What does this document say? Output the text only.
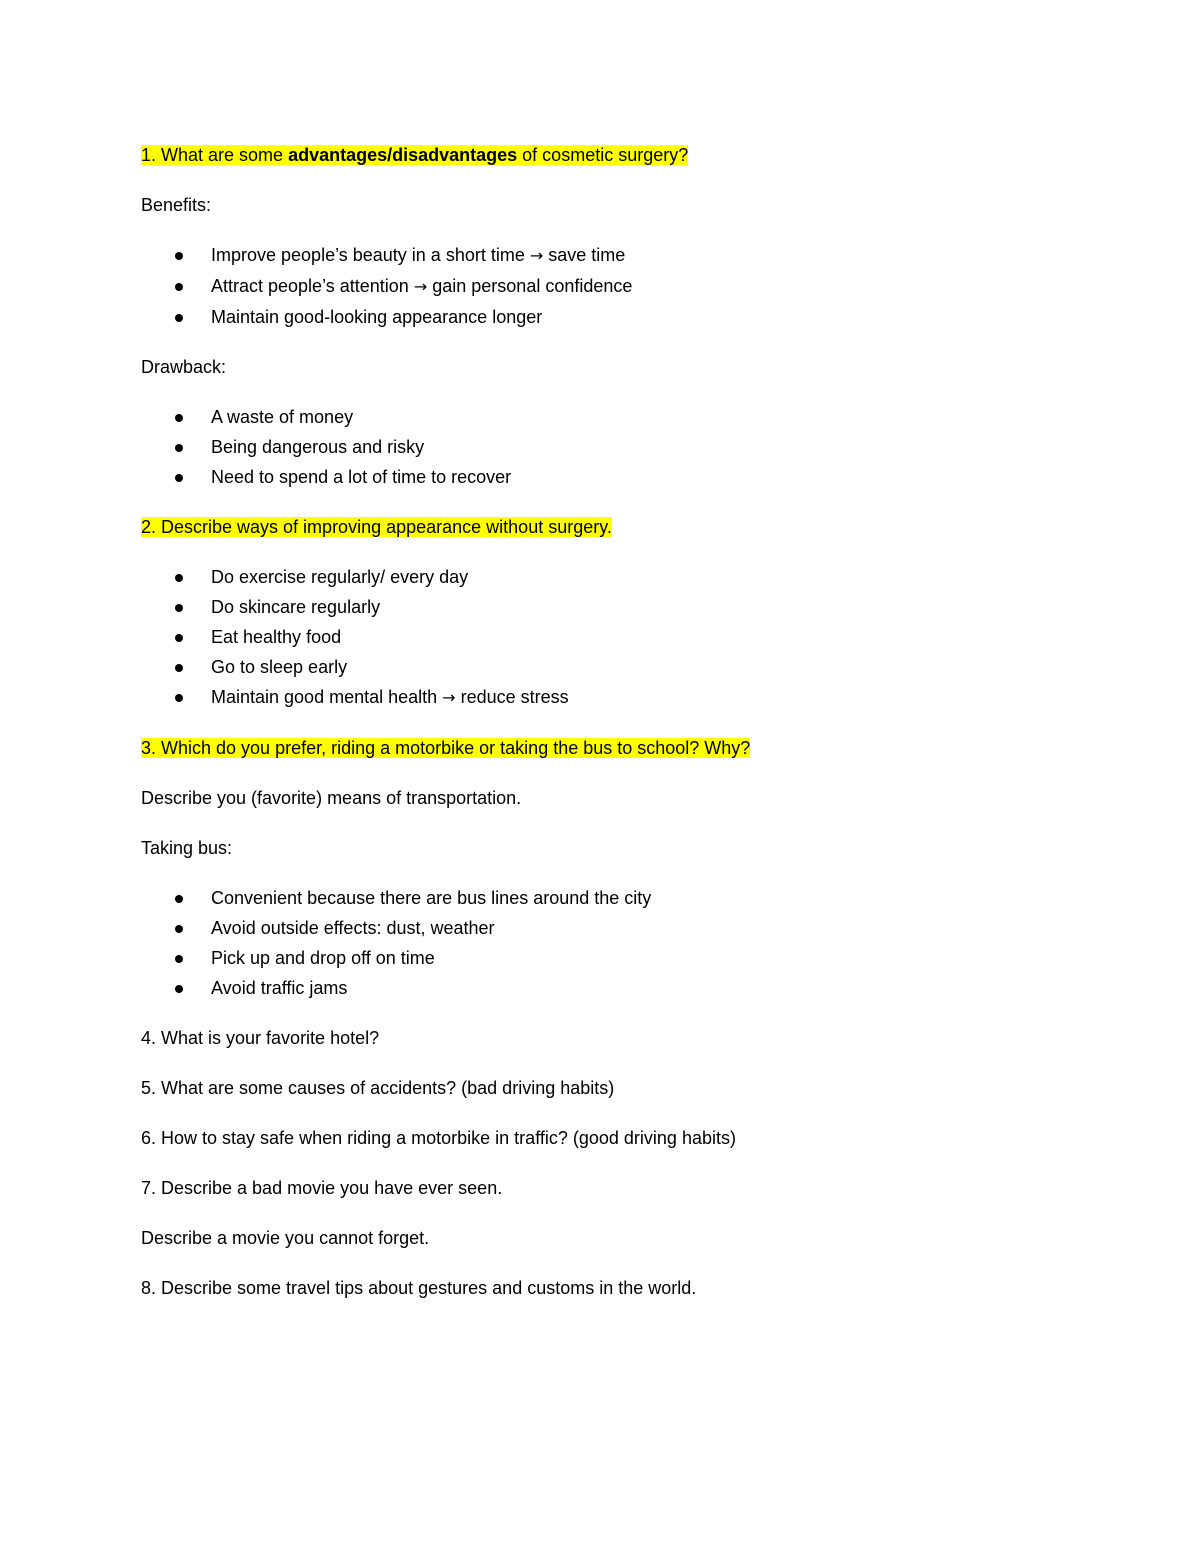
1. What are some advantages/disadvantages of cosmetic surgery?

Benefits:

Improve people’s beauty in a short time → save time
Attract people’s attention → gain personal confidence
Maintain good-looking appearance longer

Drawback:

A waste of money
Being dangerous and risky
Need to spend a lot of time to recover

2. Describe ways of improving appearance without surgery.

Do exercise regularly/ every day
Do skincare regularly
Eat healthy food
Go to sleep early
Maintain good mental health → reduce stress

3. Which do you prefer, riding a motorbike or taking the bus to school? Why?

Describe you (favorite) means of transportation.

Taking bus:

Convenient because there are bus lines around the city
Avoid outside effects: dust, weather
Pick up and drop off on time
Avoid traffic jams

4. What is your favorite hotel?

5. What are some causes of accidents? (bad driving habits)

6. How to stay safe when riding a motorbike in traffic? (good driving habits)

7. Describe a bad movie you have ever seen.

Describe a movie you cannot forget.

8. Describe some travel tips about gestures and customs in the world.
